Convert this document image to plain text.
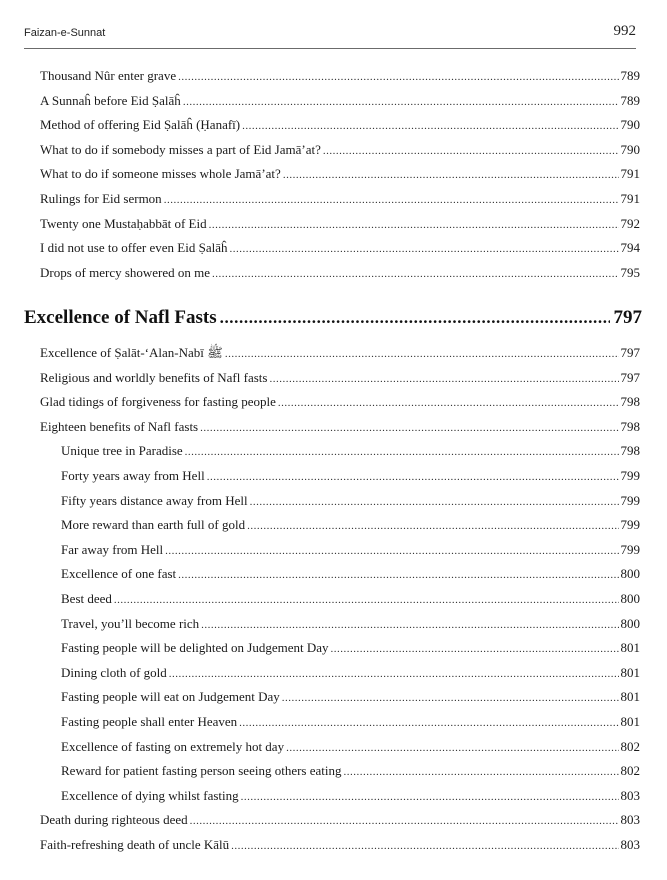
Faizan-e-Sunnat	992
Thousand Nûr enter grave .....	789
A Sunnaĥ before Eid Ṣalāĥ .....	789
Method of offering Eid Ṣalāĥ (Ḥanafī) .....	790
What to do if somebody misses a part of Eid Jamā’at? .....	790
What to do if someone misses whole Jamā’at? .....	791
Rulings for Eid sermon .....	791
Twenty one Mustaḥabbāt of Eid .....	792
I did not use to offer even Eid Ṣalāĥ .....	794
Drops of mercy showered on me .....	795
Excellence of Nafl Fasts .....	797
Excellence of Ṣalāt-‘Alan-Nabī ﷺ .....	797
Religious and worldly benefits of Nafl fasts .....	797
Glad tidings of forgiveness for fasting people .....	798
Eighteen benefits of Nafl fasts .....	798
Unique tree in Paradise .....	798
Forty years away from Hell .....	799
Fifty years distance away from Hell .....	799
More reward than earth full of gold .....	799
Far away from Hell .....	799
Excellence of one fast .....	800
Best deed .....	800
Travel, you’ll become rich .....	800
Fasting people will be delighted on Judgement Day .....	801
Dining cloth of gold .....	801
Fasting people will eat on Judgement Day .....	801
Fasting people shall enter Heaven .....	801
Excellence of fasting on extremely hot day .....	802
Reward for patient fasting person seeing others eating .....	802
Excellence of dying whilst fasting .....	803
Death during righteous deed .....	803
Faith-refreshing death of uncle Kālū .....	803
